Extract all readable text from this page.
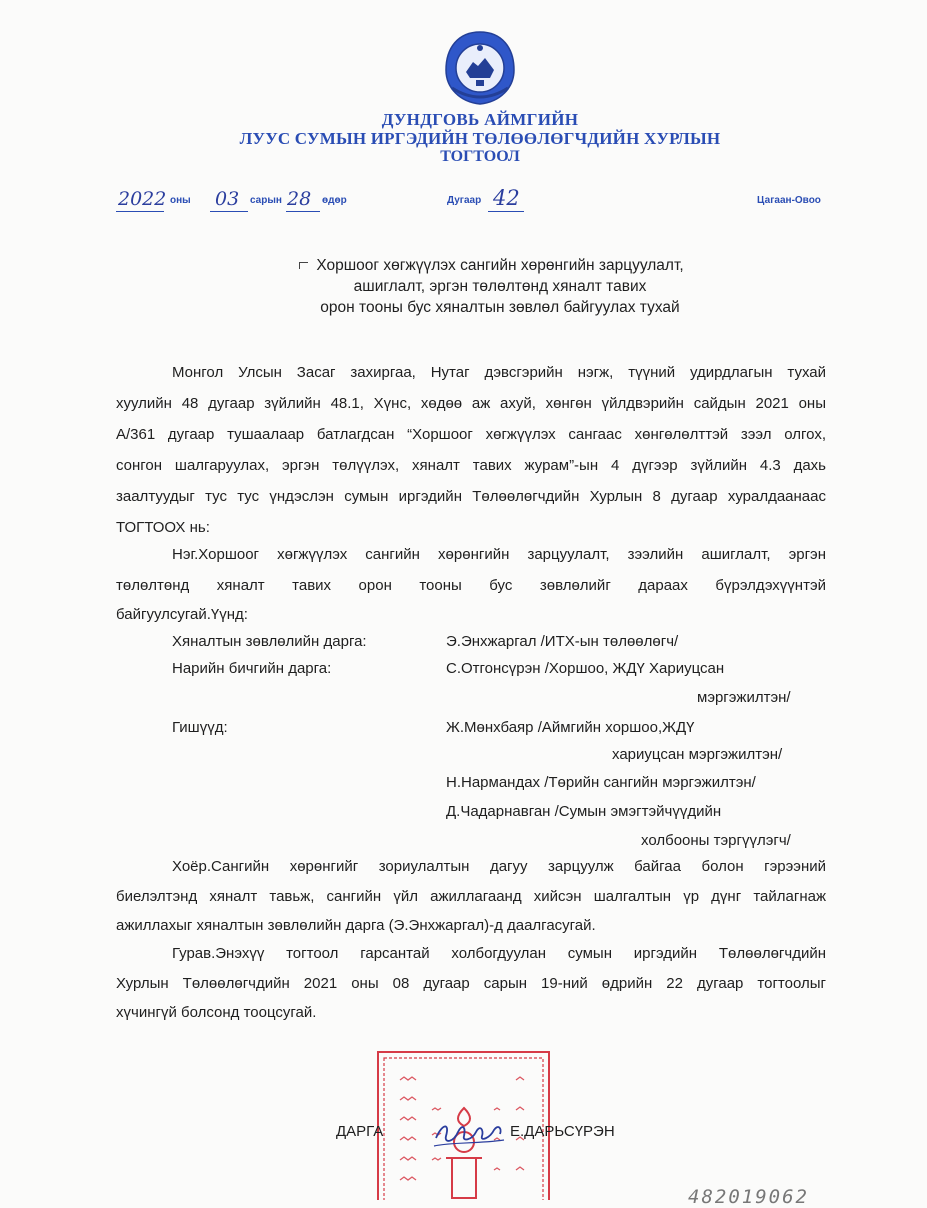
ДУНДГОВЬ АЙМГИЙН
ЛУУС СУМЫН ИРГЭДИЙН ТӨЛӨӨЛӨГЧДИЙН ХУРЛЫН
ТОГТООЛ
2022 оны 03 сарын 28 өдөр	Дугаар 42	Цагаан-Овоо
Хоршоог хөгжүүлэх сангийн хөрөнгийн зарцуулалт,
ашиглалт, эргэн төлөлтөнд хяналт тавих
орон тооны бус хяналтын зөвлөл байгуулах тухай
Монгол Улсын Засаг захиргаа, Нутаг дэвсгэрийн нэгж, түүний удирдлагын тухай
хуулийн 48 дугаар зүйлийн 48.1, Хүнс, хөдөө аж ахуй, хөнгөн үйлдвэрийн сайдын 2021 оны
А/361 дугаар тушаалаар батлагдсан “Хоршоог хөгжүүлэх сангаас хөнгөлөлттэй зээл олгох,
сонгон шалгаруулах, эргэн төлүүлэх, хяналт тавих журам”-ын 4 дүгээр зүйлийн 4.3 дахь
заалтуудыг тус тус үндэслэн сумын иргэдийн Төлөөлөгчдийн Хурлын 8 дугаар хуралдаанаас
ТОГТООХ нь:
Нэг.Хоршоог хөгжүүлэх сангийн хөрөнгийн зарцуулалт, зээлийн ашиглалт, эргэн
төлөлтөнд хяналт тавих орон тооны бус зөвлөлийг дараах бүрэлдэхүүнтэй
байгуулсугай.Үүнд:
Хяналтын зөвлөлийн дарга:	Э.Энхжаргал /ИТХ-ын төлөөлөгч/
Нарийн бичгийн дарга:	С.Отгонсүрэн /Хоршоо, ЖДҮ Хариуцсан
мэргэжилтэн/
Гишүүд:	Ж.Мөнхбаяр /Аймгийн хоршоо,ЖДҮ
хариуцсан мэргэжилтэн/
Н.Нармандах /Төрийн сангийн мэргэжилтэн/
Д.Чадарнавган /Сумын эмэгтэйчүүдийн
холбооны тэргүүлэгч/
Хоёр.Сангийн хөрөнгийг зориулалтын дагуу зарцуулж байгаа болон гэрээний
биелэлтэнд хяналт тавьж, сангийн үйл ажиллагаанд хийсэн шалгалтын үр дүнг тайлагнаж
ажиллахыг хяналтын зөвлөлийн дарга (Э.Энхжаргал)-д даалгасугай.
Гурав.Энэхүү тогтоол гарсантай холбогдуулан сумын иргэдийн Төлөөлөгчдийн
Хурлын Төлөөлөгчдийн 2021 оны 08 дугаар сарын 19-ний өдрийн 22 дугаар тогтоолыг
хүчингүй болсонд тооцсугай.
ДАРГА	Е.ДАРЬСҮРЭН
482019062
